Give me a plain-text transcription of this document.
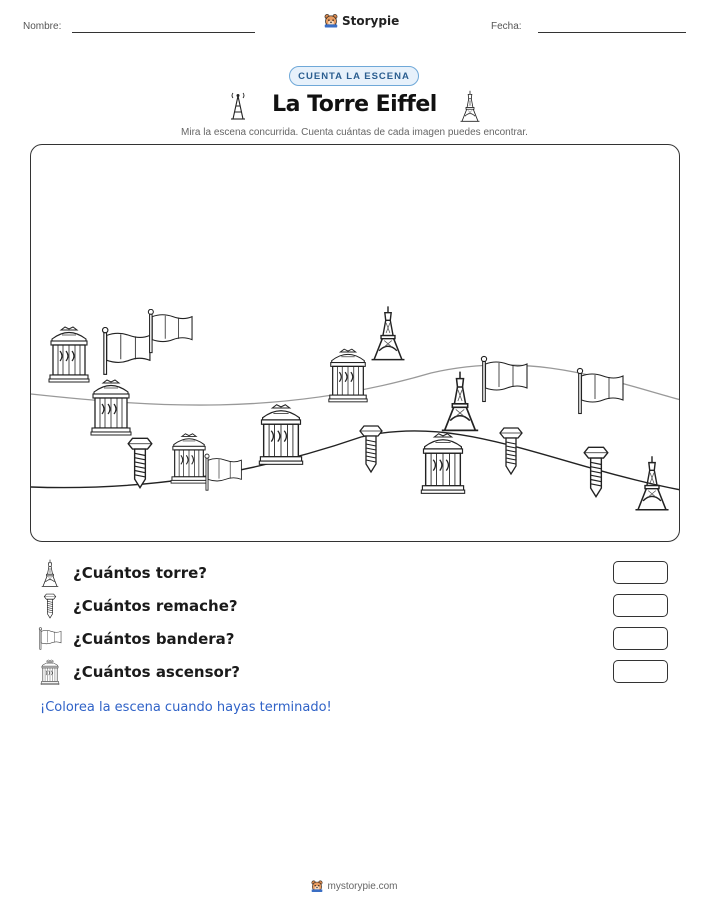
Nombre:	Storypie	Fecha:
CUENTA LA ESCENA
La Torre Eiffel
Mira la escena concurrida. Cuenta cuántas de cada imagen puedes encontrar.
¿Cuántos torre?
¿Cuántos remache?
¿Cuántos bandera?
¿Cuántos ascensor?
¡Colorea la escena cuando hayas terminado!
mystorypie.com
